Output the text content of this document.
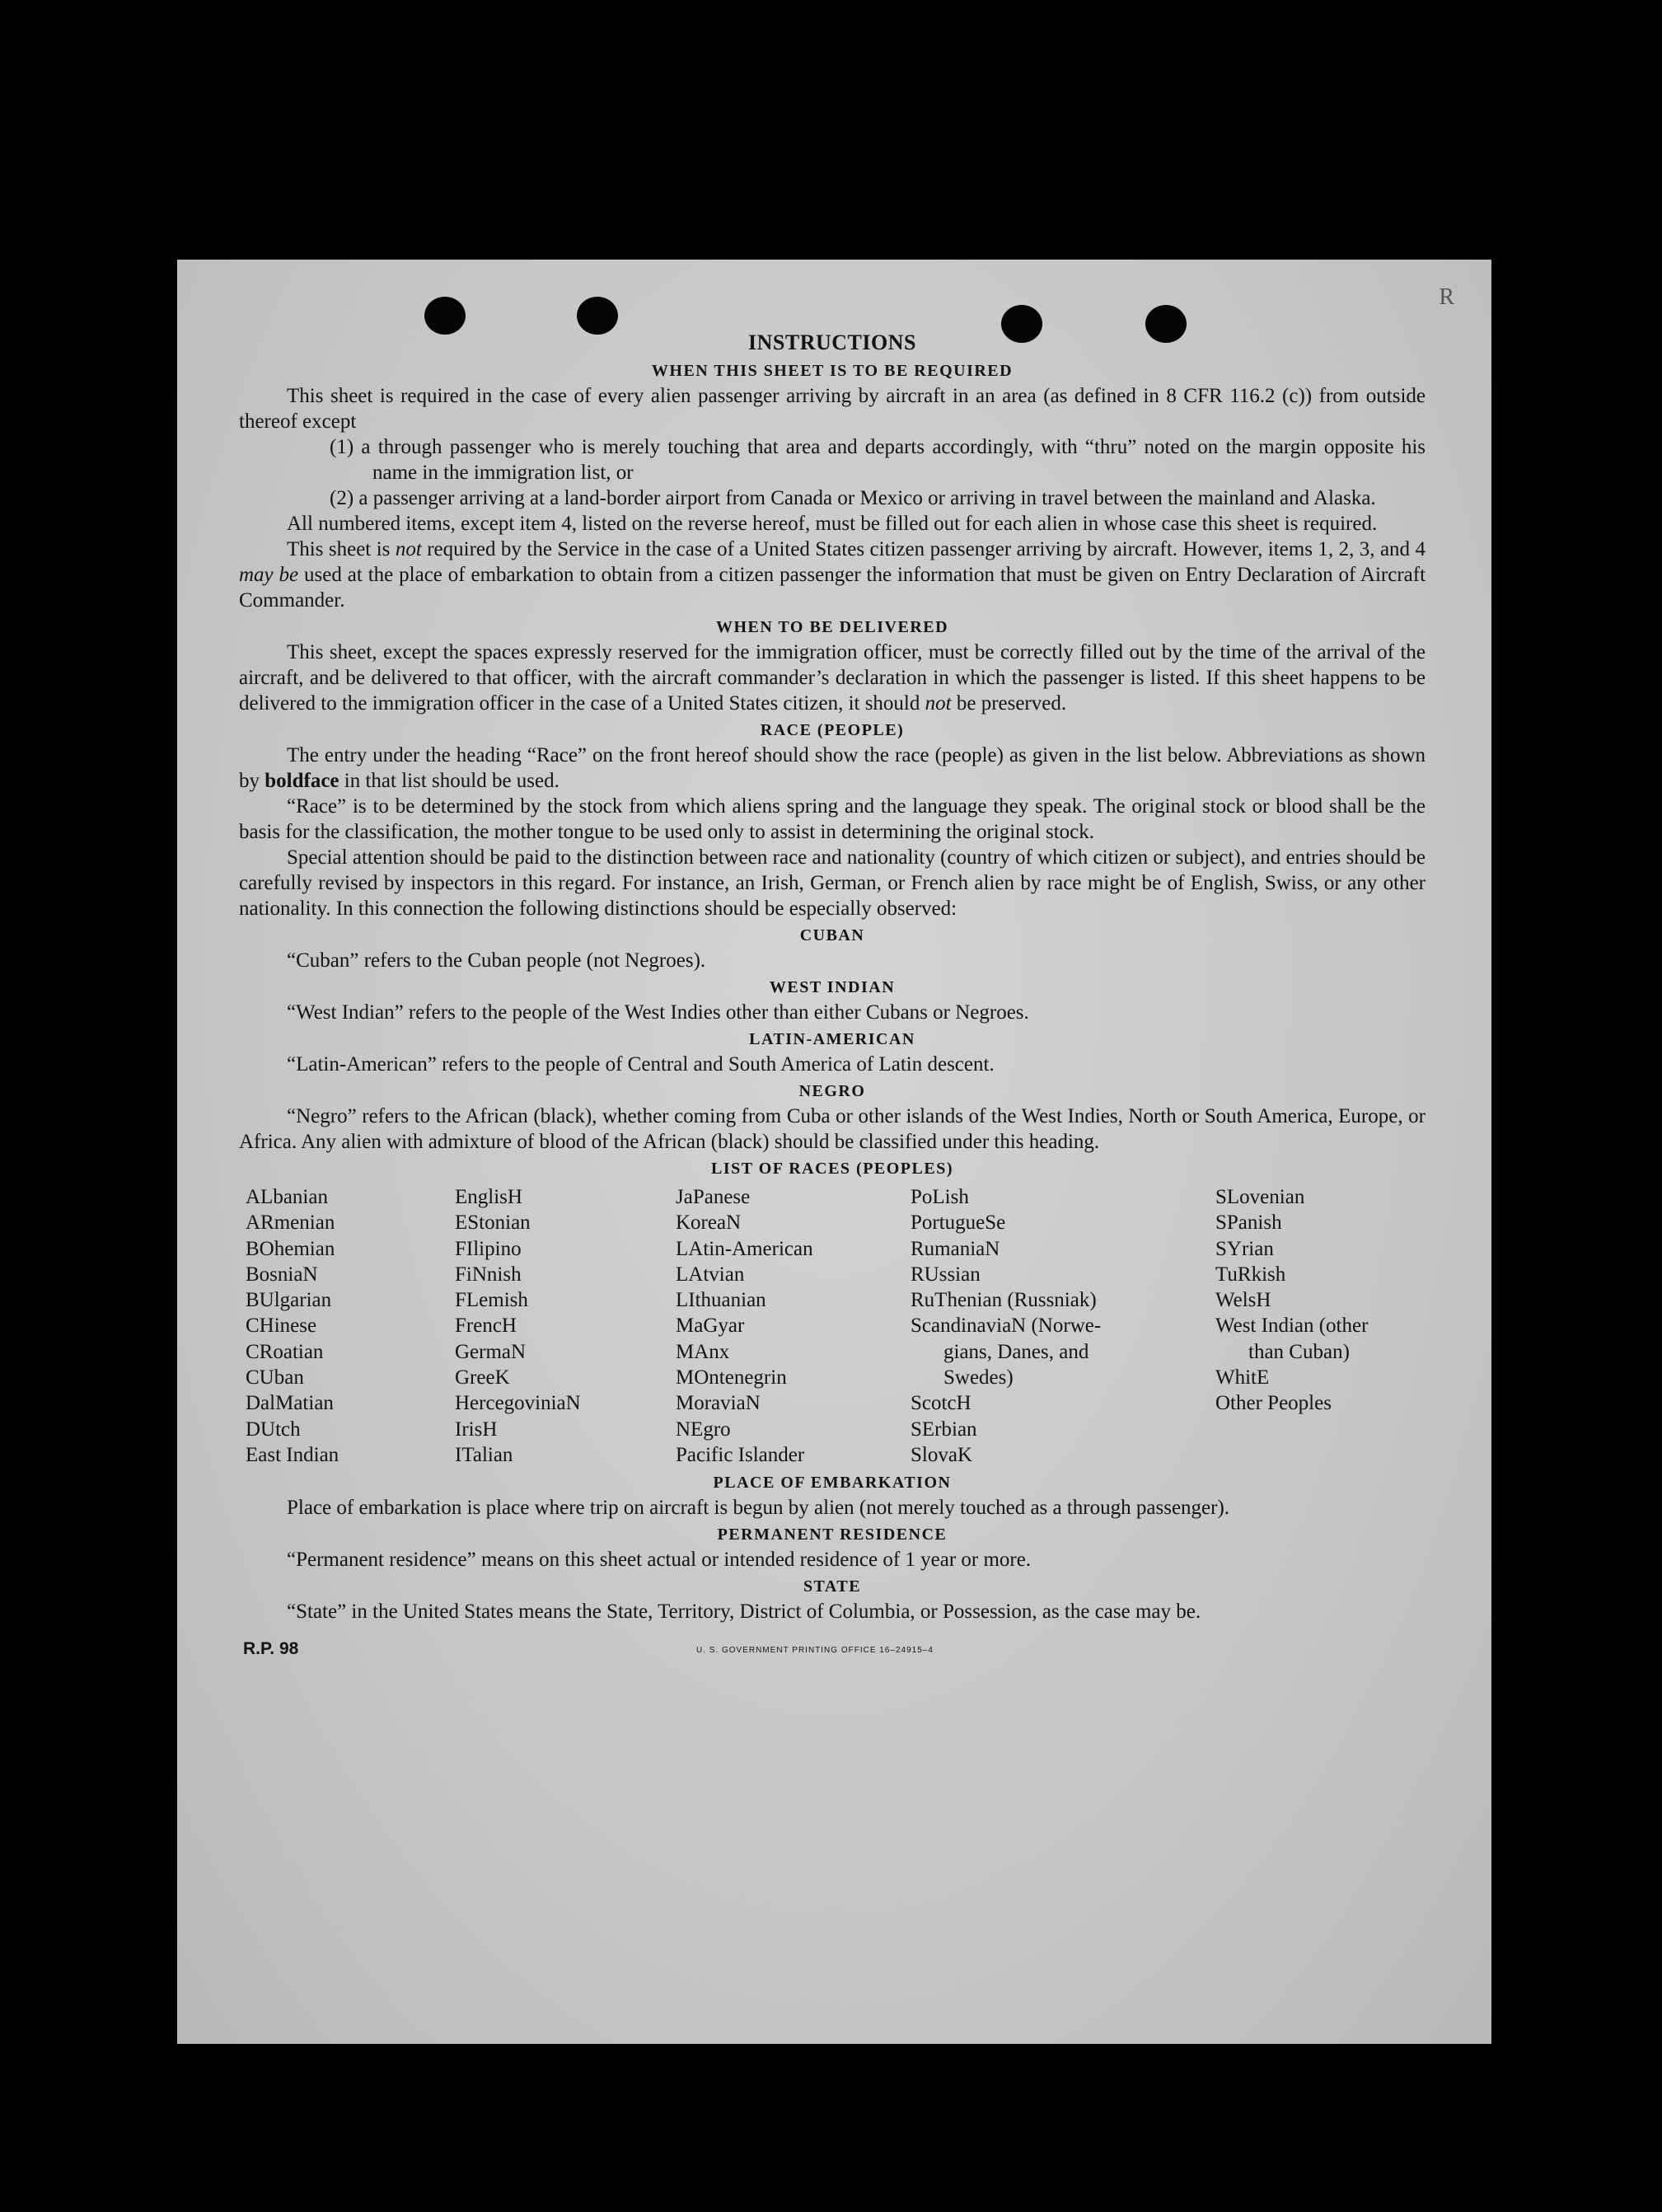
R
INSTRUCTIONS
WHEN THIS SHEET IS TO BE REQUIRED

This sheet is required in the case of every alien passenger arriving by aircraft in an area (as defined in 8 CFR 116.2 (c)) from outside thereof except

(1) a through passenger who is merely touching that area and departs accordingly, with “thru” noted on the margin opposite his name in the immigration list, or

(2) a passenger arriving at a land-border airport from Canada or Mexico or arriving in travel between the mainland and Alaska.

All numbered items, except item 4, listed on the reverse hereof, must be filled out for each alien in whose case this sheet is required.

This sheet is not required by the Service in the case of a United States citizen passenger arriving by aircraft. However, items 1, 2, 3, and 4 may be used at the place of embarkation to obtain from a citizen passenger the information that must be given on Entry Declaration of Aircraft Commander.

WHEN TO BE DELIVERED

This sheet, except the spaces expressly reserved for the immigration officer, must be correctly filled out by the time of the arrival of the aircraft, and be delivered to that officer, with the aircraft commander’s declaration in which the passenger is listed. If this sheet happens to be delivered to the immigration officer in the case of a United States citizen, it should not be preserved.

RACE (PEOPLE)

The entry under the heading “Race” on the front hereof should show the race (people) as given in the list below. Abbreviations as shown by boldface in that list should be used.

“Race” is to be determined by the stock from which aliens spring and the language they speak. The original stock or blood shall be the basis for the classification, the mother tongue to be used only to assist in determining the original stock.

Special attention should be paid to the distinction between race and nationality (country of which citizen or subject), and entries should be carefully revised by inspectors in this regard. For instance, an Irish, German, or French alien by race might be of English, Swiss, or any other nationality. In this connection the following distinctions should be especially observed:

CUBAN

“Cuban” refers to the Cuban people (not Negroes).

WEST INDIAN

“West Indian” refers to the people of the West Indies other than either Cubans or Negroes.

LATIN-AMERICAN

“Latin-American” refers to the people of Central and South America of Latin descent.

NEGRO

“Negro” refers to the African (black), whether coming from Cuba or other islands of the West Indies, North or South America, Europe, or Africa. Any alien with admixture of blood of the African (black) should be classified under this heading.

LIST OF RACES (PEOPLES)
ALbanian
ARmenian
BOhemian
BosniaN
BUlgarian
CHinese
CRoatian
CUban
DalMatian
DUtch
East Indian
EnglisH
EStonian
FIlipino
FiNnish
FLemish
FrencH
GermaN
GreeK
HercegoviniaN
IrisH
ITalian
JaPanese
KoreaN
LAtin-American
LAtvian
LIthuanian
MaGyar
MAnx
MOntenegrin
MoraviaN
NEgro
Pacific Islander
PoLish
PortugueSe
RumaniaN
RUssian
RuThenian (Russniak)
ScandinaviaN (Norwe-
gians, Danes, and
Swedes)
ScotcH
SErbian
SlovaK
SLovenian
SPanish
SYrian
TuRkish
WelsH
West Indian (other
than Cuban)
WhitE
Other Peoples
PLACE OF EMBARKATION

Place of embarkation is place where trip on aircraft is begun by alien (not merely touched as a through passenger).

PERMANENT RESIDENCE

“Permanent residence” means on this sheet actual or intended residence of 1 year or more.

STATE

“State” in the United States means the State, Territory, District of Columbia, or Possession, as the case may be.

R.P. 98	U. S. GOVERNMENT PRINTING OFFICE 16–24915–4
